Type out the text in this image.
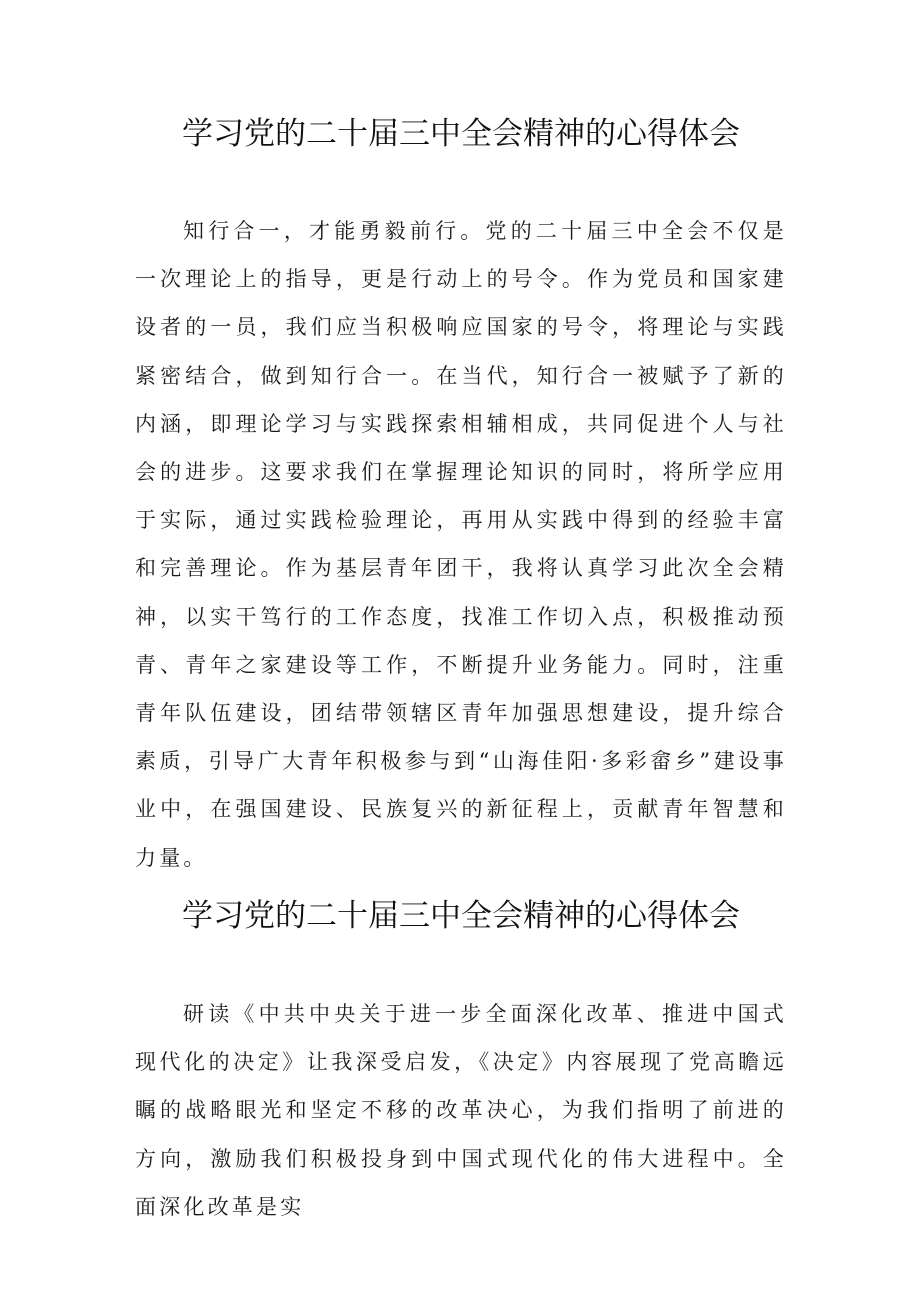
学习党的二十届三中全会精神的心得体会

知行合一，才能勇毅前行。党的二十届三中全会不仅是一次理论上的指导，更是行动上的号令。作为党员和国家建设者的一员，我们应当积极响应国家的号令，将理论与实践紧密结合，做到知行合一。在当代，知行合一被赋予了新的内涵，即理论学习与实践探索相辅相成，共同促进个人与社会的进步。这要求我们在掌握理论知识的同时，将所学应用于实际，通过实践检验理论，再用从实践中得到的经验丰富和完善理论。作为基层青年团干，我将认真学习此次全会精神，以实干笃行的工作态度，找准工作切入点，积极推动预青、青年之家建设等工作，不断提升业务能力。同时，注重青年队伍建设，团结带领辖区青年加强思想建设，提升综合素质，引导广大青年积极参与到“山海佳阳·多彩畲乡”建设事业中，在强国建设、民族复兴的新征程上，贡献青年智慧和力量。

学习党的二十届三中全会精神的心得体会

研读《中共中央关于进一步全面深化改革、推进中国式现代化的决定》让我深受启发，《决定》内容展现了党高瞻远瞩的战略眼光和坚定不移的改革决心，为我们指明了前进的方向，激励我们积极投身到中国式现代化的伟大进程中。全面深化改革是实
